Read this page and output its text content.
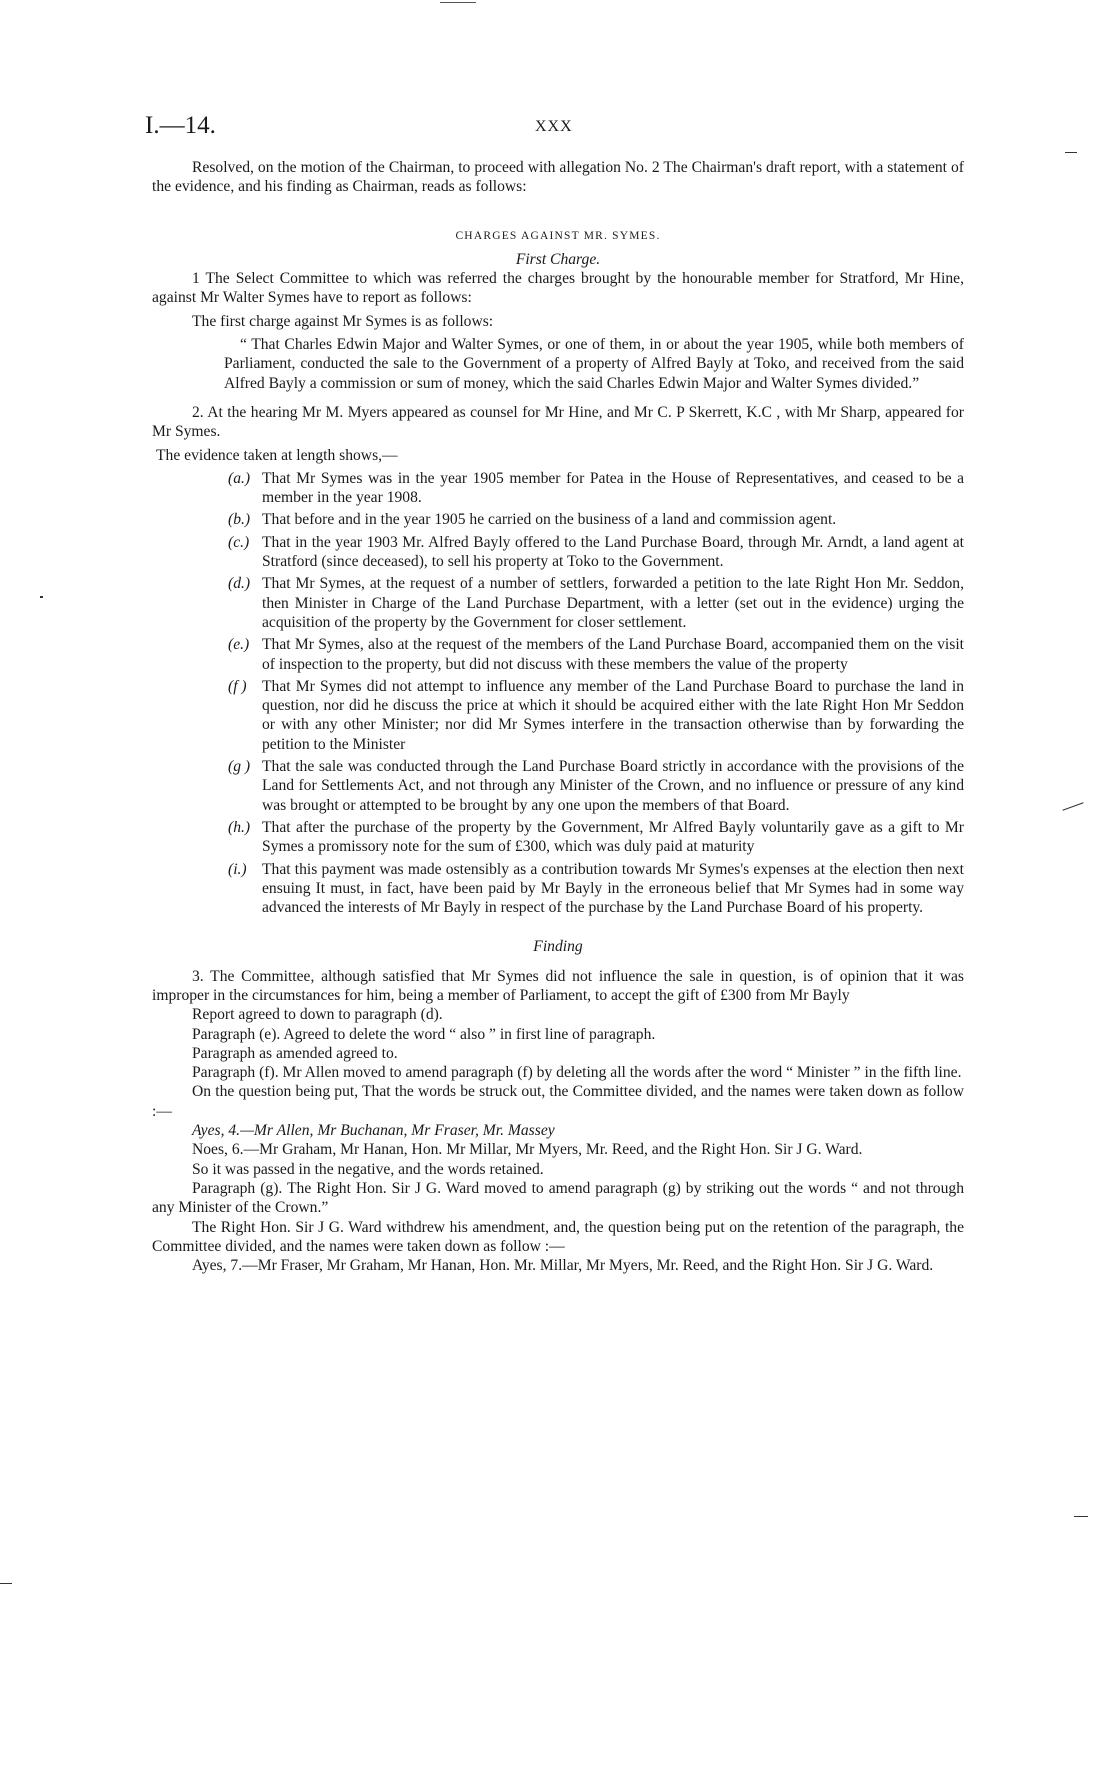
I.—14.	XXX

Resolved, on the motion of the Chairman, to proceed with allegation No. 2 The Chairman's draft report, with a statement of the evidence, and his finding as Chairman, reads as follows:

CHARGES AGAINST MR. SYMES.

First Charge.

1 The Select Committee to which was referred the charges brought by the honourable member for Stratford, Mr Hine, against Mr Walter Symes have to report as follows:

The first charge against Mr Symes is as follows:

“ That Charles Edwin Major and Walter Symes, or one of them, in or about the year 1905, while both members of Parliament, conducted the sale to the Government of a property of Alfred Bayly at Toko, and received from the said Alfred Bayly a commission or sum of money, which the said Charles Edwin Major and Walter Symes divided.”

2. At the hearing Mr M. Myers appeared as counsel for Mr Hine, and Mr C. P Skerrett, K.C , with Mr Sharp, appeared for Mr Symes.

The evidence taken at length shows,—

(a.) That Mr Symes was in the year 1905 member for Patea in the House of Representatives, and ceased to be a member in the year 1908.
(b.) That before and in the year 1905 he carried on the business of a land and commission agent.
(c.) That in the year 1903 Mr. Alfred Bayly offered to the Land Purchase Board, through Mr. Arndt, a land agent at Stratford (since deceased), to sell his property at Toko to the Government.
(d.) That Mr Symes, at the request of a number of settlers, forwarded a petition to the late Right Hon Mr. Seddon, then Minister in Charge of the Land Purchase Department, with a letter (set out in the evidence) urging the acquisition of the property by the Government for closer settlement.
(e.) That Mr Symes, also at the request of the members of the Land Purchase Board, accompanied them on the visit of inspection to the property, but did not discuss with these members the value of the property
(f ) That Mr Symes did not attempt to influence any member of the Land Purchase Board to purchase the land in question, nor did he discuss the price at which it should be acquired either with the late Right Hon Mr Seddon or with any other Minister; nor did Mr Symes interfere in the transaction otherwise than by forwarding the petition to the Minister
(g ) That the sale was conducted through the Land Purchase Board strictly in accordance with the provisions of the Land for Settlements Act, and not through any Minister of the Crown, and no influence or pressure of any kind was brought or attempted to be brought by any one upon the members of that Board.
(h.) That after the purchase of the property by the Government, Mr Alfred Bayly voluntarily gave as a gift to Mr Symes a promissory note for the sum of £300, which was duly paid at maturity
(i.) That this payment was made ostensibly as a contribution towards Mr Symes's expenses at the election then next ensuing It must, in fact, have been paid by Mr Bayly in the erroneous belief that Mr Symes had in some way advanced the interests of Mr Bayly in respect of the purchase by the Land Purchase Board of his property.

Finding

3. The Committee, although satisfied that Mr Symes did not influence the sale in question, is of opinion that it was improper in the circumstances for him, being a member of Parliament, to accept the gift of £300 from Mr Bayly

Report agreed to down to paragraph (d).

Paragraph (e). Agreed to delete the word “ also ” in first line of paragraph.

Paragraph as amended agreed to.

Paragraph (f). Mr Allen moved to amend paragraph (f) by deleting all the words after the word “ Minister ” in the fifth line.

On the question being put, That the words be struck out, the Committee divided, and the names were taken down as follow :—

Ayes, 4.—Mr Allen, Mr Buchanan, Mr Fraser, Mr. Massey

Noes, 6.—Mr Graham, Mr Hanan, Hon. Mr Millar, Mr Myers, Mr. Reed, and the Right Hon. Sir J G. Ward.

So it was passed in the negative, and the words retained.

Paragraph (g). The Right Hon. Sir J G. Ward moved to amend paragraph (g) by striking out the words “ and not through any Minister of the Crown.”

The Right Hon. Sir J G. Ward withdrew his amendment, and, the question being put on the retention of the paragraph, the Committee divided, and the names were taken down as follow :—

Ayes, 7.—Mr Fraser, Mr Graham, Mr Hanan, Hon. Mr. Millar, Mr Myers, Mr. Reed, and the Right Hon. Sir J G. Ward.
